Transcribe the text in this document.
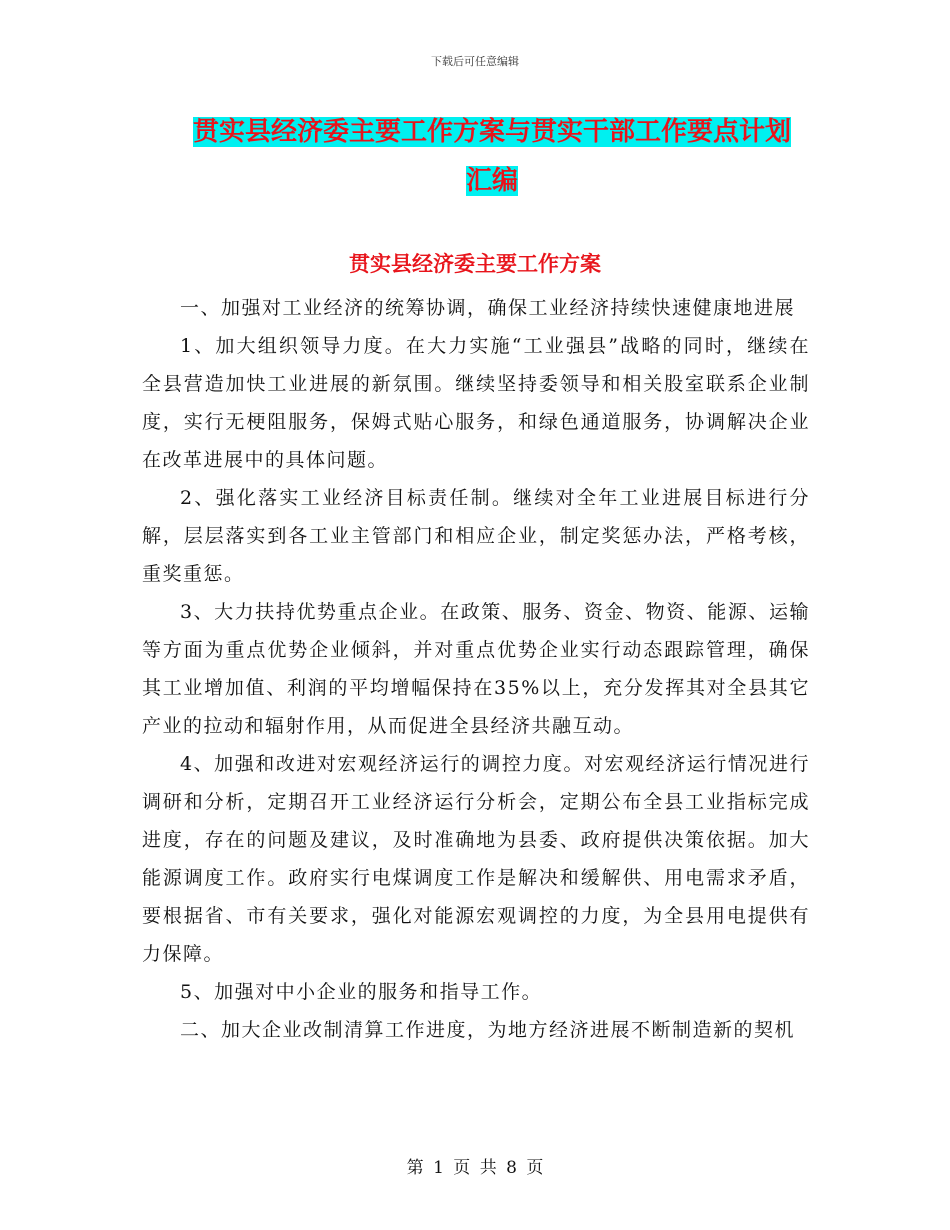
下载后可任意编辑
贯实县经济委主要工作方案与贯实干部工作要点计划
汇编
贯实县经济委主要工作方案

一、加强对工业经济的统筹协调，确保工业经济持续快速健康地进展

1、加大组织领导力度。在大力实施“工业强县”战略的同时，继续在全县营造加快工业进展的新氛围。继续坚持委领导和相关股室联系企业制度，实行无梗阻服务，保姆式贴心服务，和绿色通道服务，协调解决企业在改革进展中的具体问题。

2、强化落实工业经济目标责任制。继续对全年工业进展目标进行分解，层层落实到各工业主管部门和相应企业，制定奖惩办法，严格考核，重奖重惩。

3、大力扶持优势重点企业。在政策、服务、资金、物资、能源、运输等方面为重点优势企业倾斜，并对重点优势企业实行动态跟踪管理，确保其工业增加值、利润的平均增幅保持在35%以上，充分发挥其对全县其它产业的拉动和辐射作用，从而促进全县经济共融互动。

4、加强和改进对宏观经济运行的调控力度。对宏观经济运行情况进行调研和分析，定期召开工业经济运行分析会，定期公布全县工业指标完成进度，存在的问题及建议，及时准确地为县委、政府提供决策依据。加大能源调度工作。政府实行电煤调度工作是解决和缓解供、用电需求矛盾，要根据省、市有关要求，强化对能源宏观调控的力度，为全县用电提供有力保障。

5、加强对中小企业的服务和指导工作。

二、加大企业改制清算工作进度，为地方经济进展不断制造新的契机

第 1 页 共 8 页
